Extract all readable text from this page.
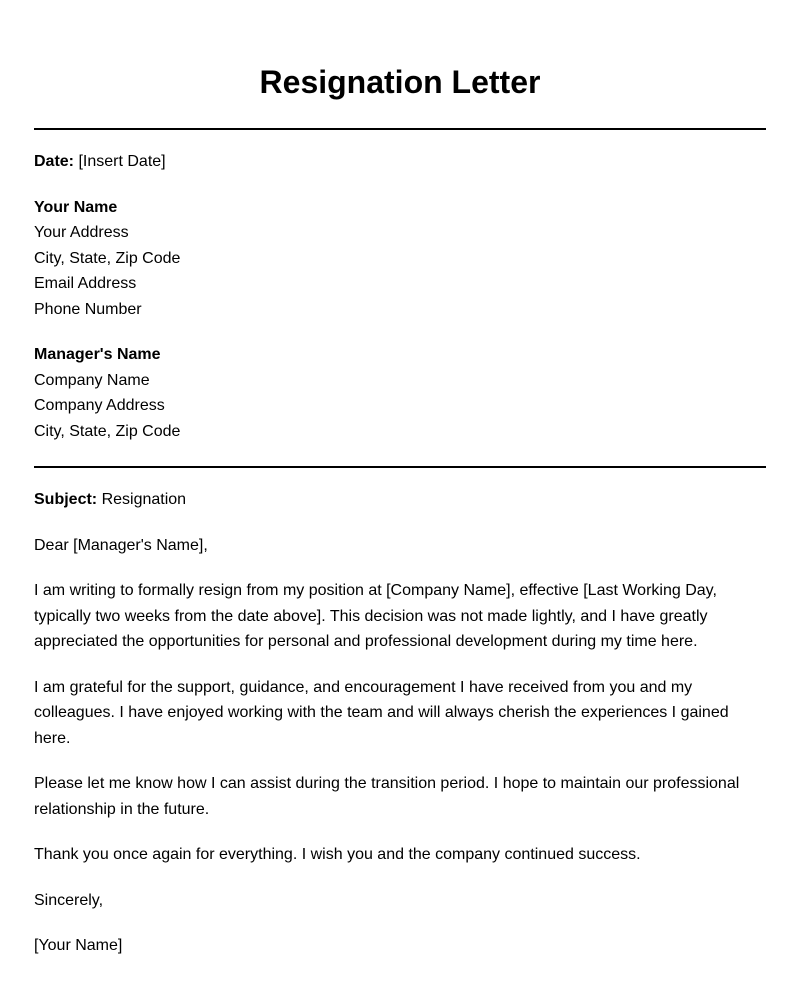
Resignation Letter

Date: [Insert Date]

Your Name

Your Address

City, State, Zip Code

Email Address

Phone Number

Manager's Name

Company Name

Company Address

City, State, Zip Code

Subject: Resignation

Dear [Manager's Name],

I am writing to formally resign from my position at [Company Name], effective [Last Working Day, typically two weeks from the date above]. This decision was not made lightly, and I have greatly appreciated the opportunities for personal and professional development during my time here.

I am grateful for the support, guidance, and encouragement I have received from you and my colleagues. I have enjoyed working with the team and will always cherish the experiences I gained here.

Please let me know how I can assist during the transition period. I hope to maintain our professional relationship in the future.

Thank you once again for everything. I wish you and the company continued success.

Sincerely,

[Your Name]
